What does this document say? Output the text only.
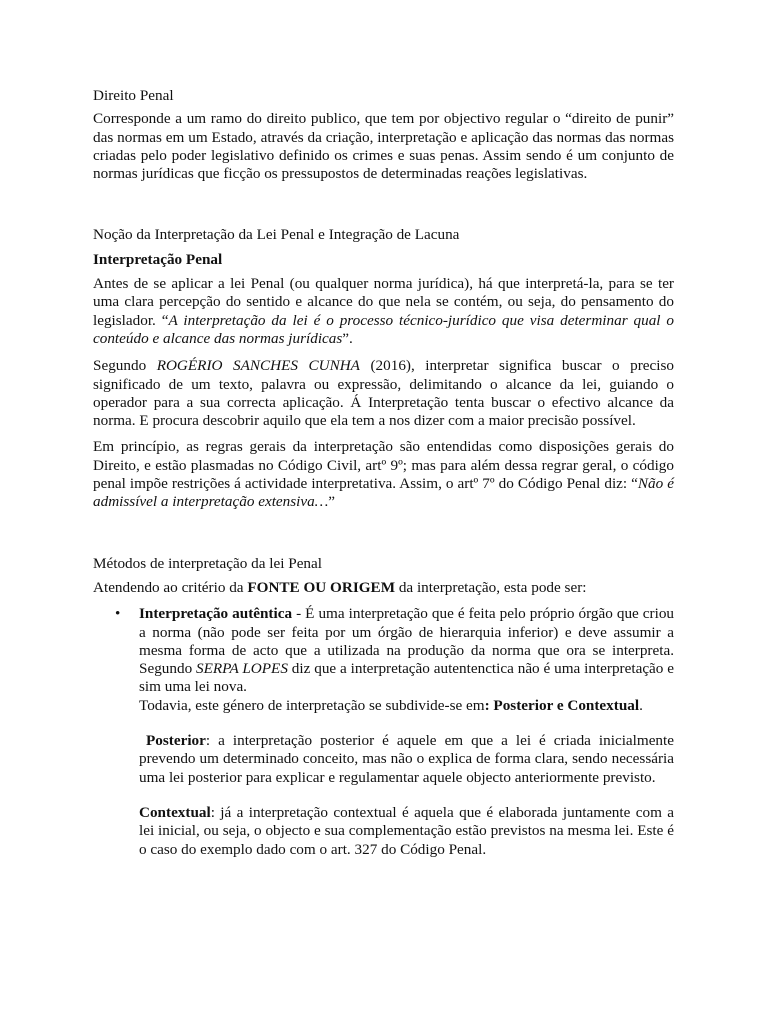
Direito Penal

Corresponde a um ramo do direito publico, que tem por objectivo regular o “direito de punir” das normas em um Estado, através da criação, interpretação e aplicação das normas das normas criadas pelo poder legislativo definido os crimes e suas penas. Assim sendo é um conjunto de normas jurídicas que ficção os pressupostos de determinadas reações legislativas.

Noção da Interpretação da Lei Penal e Integração de Lacuna

Interpretação Penal

Antes de se aplicar a lei Penal (ou qualquer norma jurídica), há que interpretá-la, para se ter uma clara percepção do sentido e alcance do que nela se contém, ou seja, do pensamento do legislador. “A interpretação da lei é o processo técnico-jurídico que visa determinar qual o conteúdo e alcance das normas jurídicas”.

Segundo ROGÉRIO SANCHES CUNHA (2016), interpretar significa buscar o preciso significado de um texto, palavra ou expressão, delimitando o alcance da lei, guiando o operador para a sua correcta aplicação. Á Interpretação tenta buscar o efectivo alcance da norma. E procura descobrir aquilo que ela tem a nos dizer com a maior precisão possível.

Em princípio, as regras gerais da interpretação são entendidas como disposições gerais do Direito, e estão plasmadas no Código Civil, artº 9º; mas para além dessa regrar geral, o código penal impõe restrições á actividade interpretativa. Assim, o artº 7º do Código Penal diz: “Não é admissível a interpretação extensiva…”

Métodos de interpretação da lei Penal

Atendendo ao critério da FONTE OU ORIGEM da interpretação, esta pode ser:

• Interpretação autêntica - É uma interpretação que é feita pelo próprio órgão que criou a norma (não pode ser feita por um órgão de hierarquia inferior) e deve assumir a mesma forma de acto que a utilizada na produção da norma que ora se interpreta. Segundo SERPA LOPES diz que a interpretação autentenctica não é uma interpretação e sim uma lei nova.

Todavia, este género de interpretação se subdivide-se em: Posterior e Contextual.

Posterior: a interpretação posterior é aquele em que a lei é criada inicialmente prevendo um determinado conceito, mas não o explica de forma clara, sendo necessária uma lei posterior para explicar e regulamentar aquele objecto anteriormente previsto.

Contextual: já a interpretação contextual é aquela que é elaborada juntamente com a lei inicial, ou seja, o objecto e sua complementação estão previstos na mesma lei. Este é o caso do exemplo dado com o art. 327 do Código Penal.
